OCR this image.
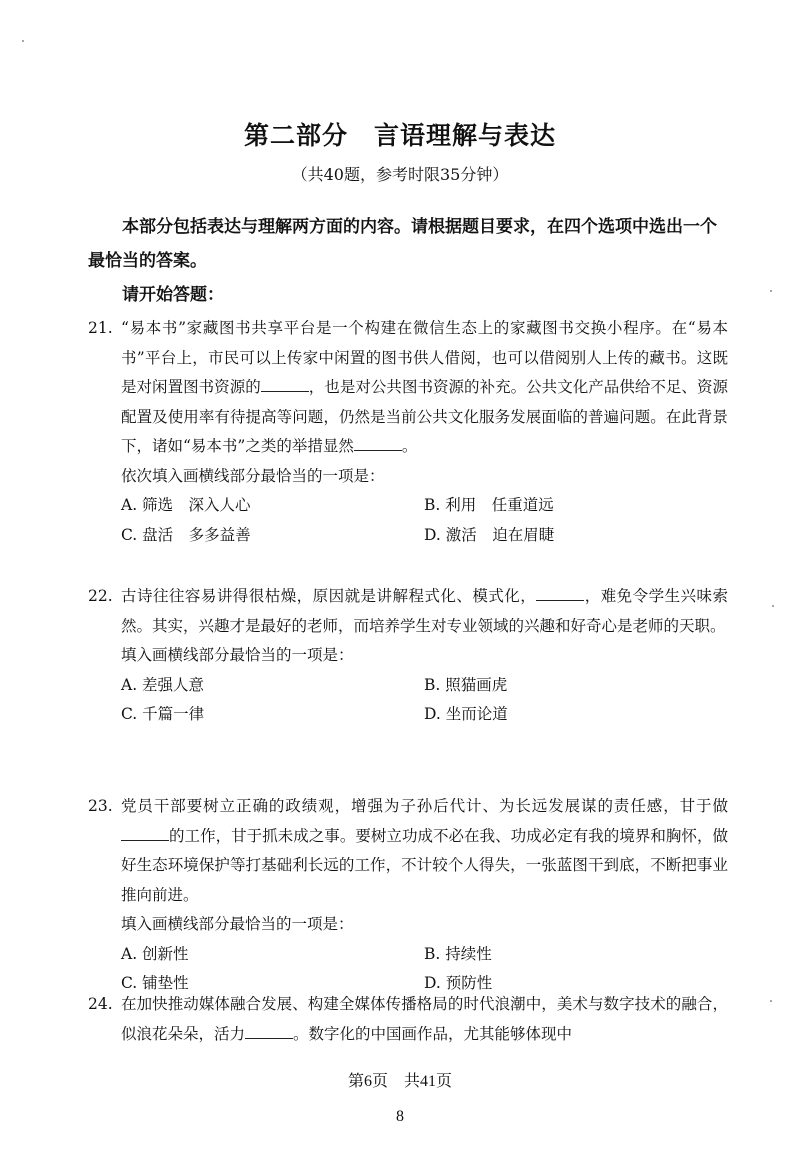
第二部分　言语理解与表达
（共40题，参考时限35分钟）
本部分包括表达与理解两方面的内容。请根据题目要求，在四个选项中选出一个最恰当的答案。
请开始答题：
21. “易本书”家藏图书共享平台是一个构建在微信生态上的家藏图书交换小程序。在“易本书”平台上，市民可以上传家中闲置的图书供人借阅，也可以借阅别人上传的藏书。这既是对闲置图书资源的	，也是对公共图书资源的补充。公共文化产品供给不足、资源配置及使用率有待提高等问题，仍然是当前公共文化服务发展面临的普遍问题。在此背景下，诸如“易本书”之类的举措显然	。
依次填入画横线部分最恰当的一项是：
A. 筛选　深入人心	B. 利用　任重道远
C. 盘活　多多益善	D. 激活　迫在眉睫
22. 古诗往往容易讲得很枯燥，原因就是讲解程式化、模式化，	，难免令学生兴味索然。其实，兴趣才是最好的老师，而培养学生对专业领域的兴趣和好奇心是老师的天职。
填入画横线部分最恰当的一项是：
A. 差强人意	B. 照猫画虎
C. 千篇一律	D. 坐而论道
23. 党员干部要树立正确的政绩观，增强为子孙后代计、为长远发展谋的责任感，甘于做的工作，甘于抓未成之事。要树立功成不必在我、功成必定有我的境界和胸怀，做好生态环境保护等打基础利长远的工作，不计较个人得失，一张蓝图干到底，不断把事业推向前进。
填入画横线部分最恰当的一项是：
A. 创新性	B. 持续性
C. 铺垫性	D. 预防性
24. 在加快推动媒体融合发展、构建全媒体传播格局的时代浪潮中，美术与数字技术的融合，似浪花朵朵，活力	。数字化的中国画作品，尤其能够体现中
第6页　共41页
8
